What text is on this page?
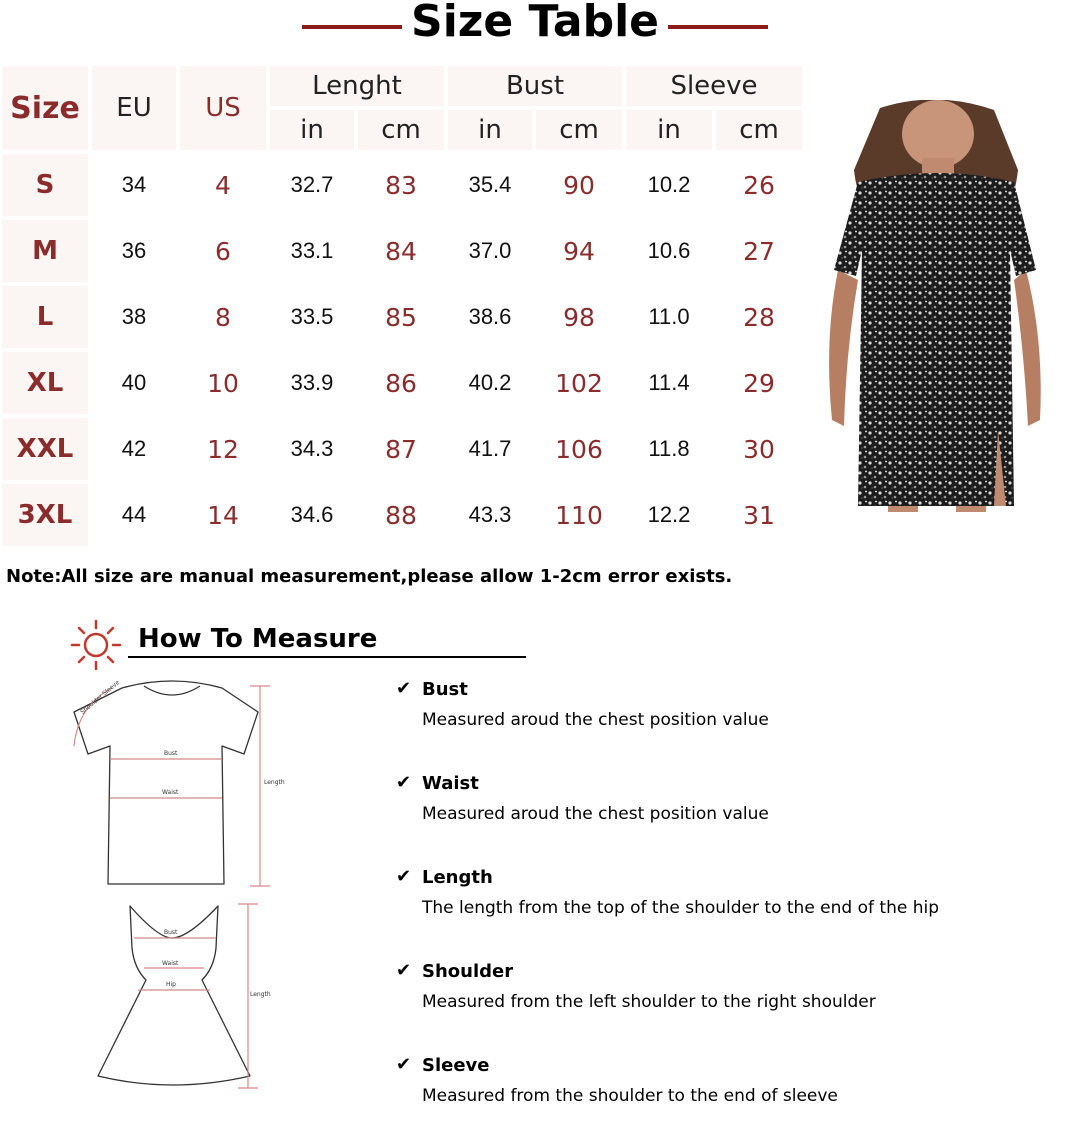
Size Table
Size EU US
Lenght	Bust	Sleeve
in cm in cm in cm
S	34	4	32.7 83 35.4 90 10.2 26
M	36	6	33.1 84 37.0 94 10.6 27
L	38	8	33.5 85 38.6 98 11.0 28
XL	40 10 33.9 86 40.2 102 11.4 29
XXL 42 12 34.3 87 41.7 106 11.8 30
3XL 44 14 34.6 88 43.3 110 12.2 31
Note:All size are manual measurement,please allow 1-2cm error exists.
How To Measure
Bust
Waist
Length
Bust
Waist
Hip
Length
Shoulder Sleeve	✔ Bust
Measured aroud the chest position value
✔ Waist
Measured aroud the chest position value
✔ Length
The length from the top of the shoulder to the end of the hip
✔ Shoulder
Measured from the left shoulder to the right shoulder
✔ Sleeve
Measured from the shoulder to the end of sleeve
